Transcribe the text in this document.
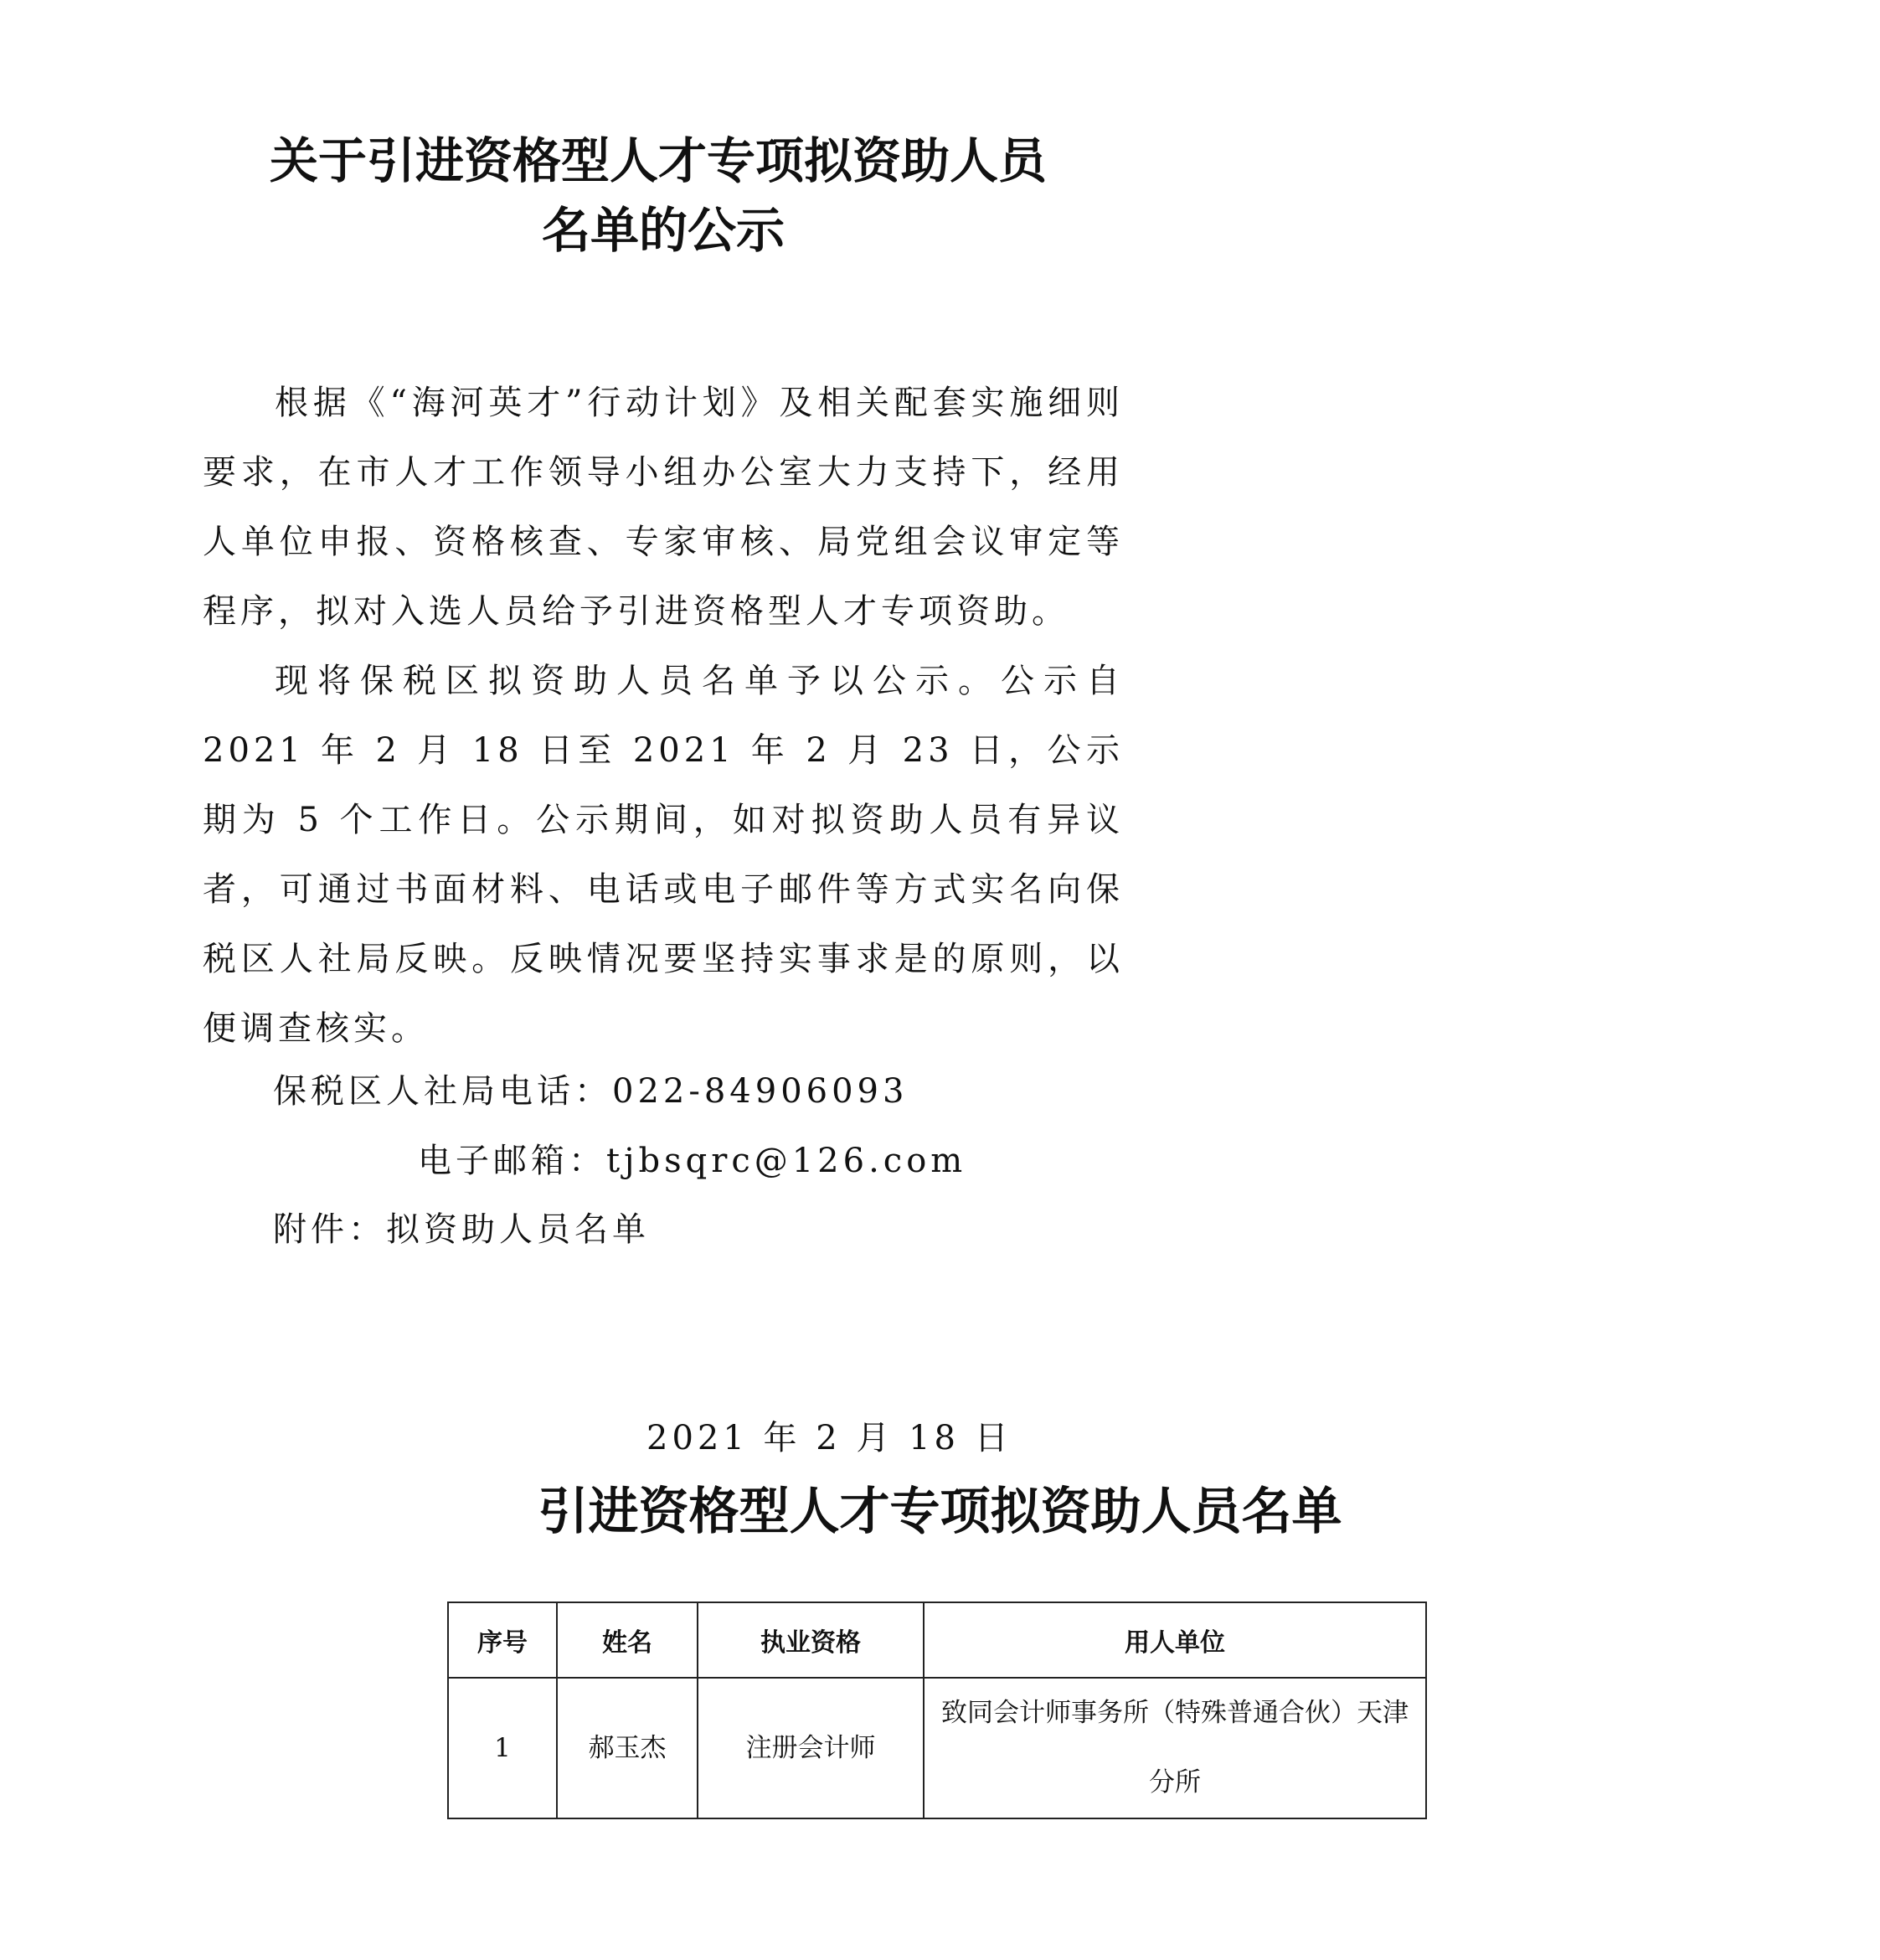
关于引进资格型人才专项拟资助人员
名单的公示

根据《“海河英才”行动计划》及相关配套实施细则要求，在市人才工作领导小组办公室大力支持下，经用人单位申报、资格核查、专家审核、局党组会议审定等程序，拟对入选人员给予引进资格型人才专项资助。

现将保税区拟资助人员名单予以公示。公示自 2021 年 2 月 18 日至 2021 年 2 月 23 日，公示期为 5 个工作日。公示期间，如对拟资助人员有异议者，可通过书面材料、电话或电子邮件等方式实名向保税区人社局反映。反映情况要坚持实事求是的原则，以便调查核实。

保税区人社局电话：022-84906093
电子邮箱：tjbsqrc@126.com
附件：拟资助人员名单
2021 年 2 月 18 日
引进资格型人才专项拟资助人员名单
序号	姓名	执业资格	用人单位
1	郝玉杰	注册会计师	致同会计师事务所（特殊普通合伙）天津分所
